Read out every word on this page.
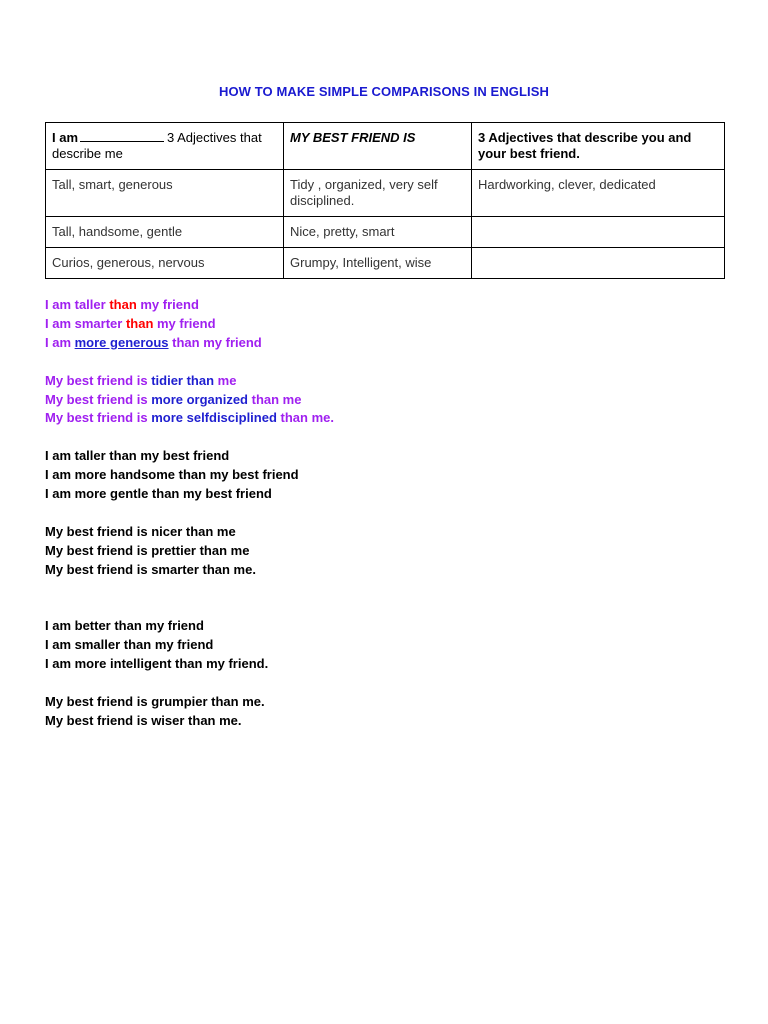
HOW TO MAKE SIMPLE COMPARISONS IN ENGLISH
I am 3 Adjectives that describe me	MY BEST FRIEND IS	3 Adjectives that describe you and your best friend.
Tall, smart, generous	Tidy , organized, very self disciplined.	Hardworking, clever, dedicated
Tall, handsome, gentle	Nice, pretty, smart	
Curios, generous, nervous	Grumpy, Intelligent, wise	
I am taller than my friend
I am smarter than my friend
I am more generous than my friend
My best friend is tidier than me
My best friend is more organized than me
My best friend is more selfdisciplined than me.
I am taller than my best friend
I am more handsome than my best friend
I am more gentle than my best friend
My best friend is nicer than me
My best friend is prettier than me
My best friend is smarter than me.
I am better than my friend
I am smaller than my friend
I am more intelligent than my friend.
My best friend is grumpier than me.
My best friend is wiser than me.
